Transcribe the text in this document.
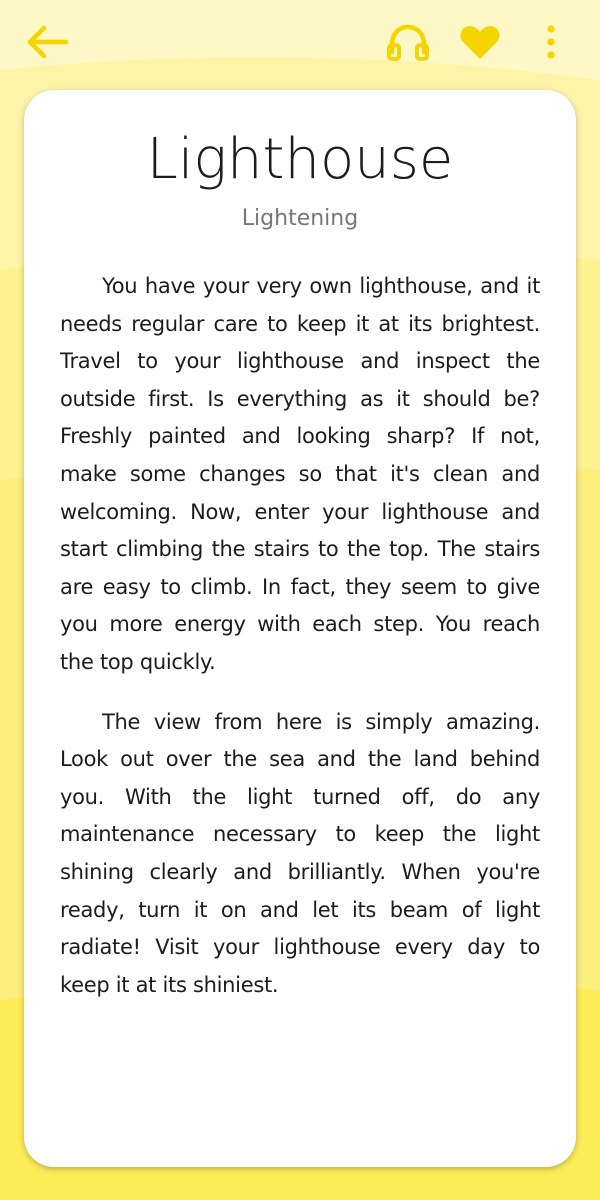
Lighthouse
Lightening

You have your very own lighthouse, and it needs regular care to keep it at its brightest. Travel to your lighthouse and inspect the outside first. Is everything as it should be? Freshly painted and looking sharp? If not, make some changes so that it's clean and welcoming. Now, enter your lighthouse and start climbing the stairs to the top. The stairs are easy to climb. In fact, they seem to give you more energy with each step. You reach the top quickly.

The view from here is simply amazing. Look out over the sea and the land behind you. With the light turned off, do any maintenance necessary to keep the light shining clearly and brilliantly. When you're ready, turn it on and let its beam of light radiate! Visit your lighthouse every day to keep it at its shiniest.
